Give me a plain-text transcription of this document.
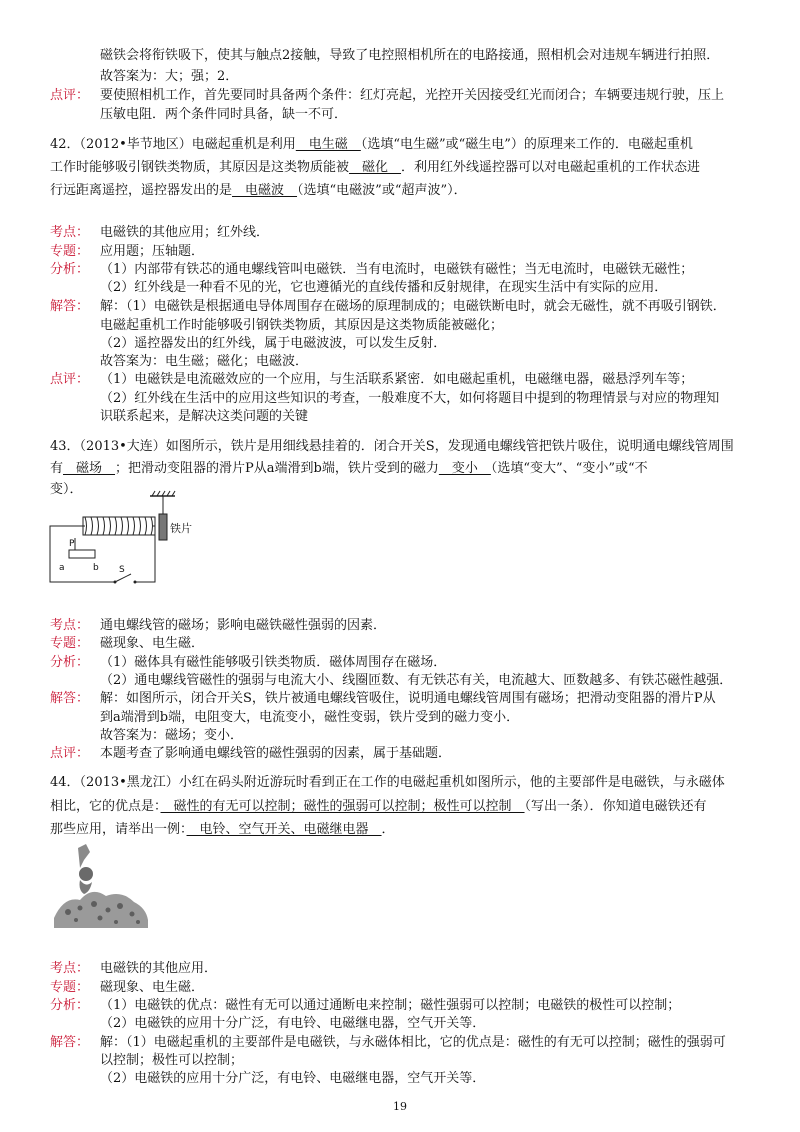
磁铁会将衔铁吸下，使其与触点2接触，导致了电控照相机所在的电路接通，照相机会对违规车辆进行拍照．
故答案为：大；强；2．
点评： 要使照相机工作，首先要同时具备两个条件：红灯亮起，光控开关因接受红光而闭合；车辆要违规行驶，压上
压敏电阻．两个条件同时具备，缺一不可．
42．（2012•毕节地区）电磁起重机是利用　电生磁　（选填“电生磁”或“磁生电”）的原理来工作的．电磁起重机
工作时能够吸引钢铁类物质，其原因是这类物质能被　磁化　．利用红外线遥控器可以对电磁起重机的工作状态进
行远距离遥控，遥控器发出的是　电磁波　（选填“电磁波”或“超声波”）．
考点： 电磁铁的其他应用；红外线．
专题： 应用题；压轴题．
分析： （1）内部带有铁芯的通电螺线管叫电磁铁．当有电流时，电磁铁有磁性；当无电流时，电磁铁无磁性；
（2）红外线是一种看不见的光，它也遵循光的直线传播和反射规律，在现实生活中有实际的应用．
解答： 解：（1）电磁铁是根据通电导体周围存在磁场的原理制成的；电磁铁断电时，就会无磁性，就不再吸引钢铁．
电磁起重机工作时能够吸引钢铁类物质，其原因是这类物质能被磁化；
（2）遥控器发出的红外线，属于电磁波波，可以发生反射．
故答案为：电生磁；磁化；电磁波．
点评： （1）电磁铁是电流磁效应的一个应用，与生活联系紧密．如电磁起重机，电磁继电器，磁悬浮列车等；
（2）红外线在生活中的应用这些知识的考查，一般难度不大，如何将题目中提到的物理情景与对应的物理知
识联系起来，是解决这类问题的关键
43．（2013•大连）如图所示，铁片是用细线悬挂着的．闭合开关S，发现通电螺线管把铁片吸住，说明通电螺线管周围
有　磁场　；把滑动变阻器的滑片P从a端滑到b端，铁片受到的磁力　变小　（选填“变大”、“变小”或“不
变）．
铁片
P
a	b S
考点： 通电螺线管的磁场；影响电磁铁磁性强弱的因素．
专题： 磁现象、电生磁．
分析： （1）磁体具有磁性能够吸引铁类物质．磁体周围存在磁场．
（2）通电螺线管磁性的强弱与电流大小、线圈匝数、有无铁芯有关，电流越大、匝数越多、有铁芯磁性越强．
解答： 解：如图所示，闭合开关S，铁片被通电螺线管吸住，说明通电螺线管周围有磁场；把滑动变阻器的滑片P从
到a端滑到b端，电阻变大，电流变小，磁性变弱，铁片受到的磁力变小．
故答案为：磁场；变小．
点评： 本题考查了影响通电螺线管的磁性强弱的因素，属于基础题．
44．（2013•黑龙江）小红在码头附近游玩时看到正在工作的电磁起重机如图所示，他的主要部件是电磁铁，与永磁体
相比，它的优点是：　磁性的有无可以控制；磁性的强弱可以控制；极性可以控制　（写出一条）．你知道电磁铁还有
那些应用，请举出一例：　电铃、空气开关、电磁继电器　．
考点： 电磁铁的其他应用．
专题： 磁现象、电生磁．
分析： （1）电磁铁的优点：磁性有无可以通过通断电来控制；磁性强弱可以控制；电磁铁的极性可以控制；
（2）电磁铁的应用十分广泛，有电铃、电磁继电器，空气开关等．
解答： 解：（1）电磁起重机的主要部件是电磁铁，与永磁体相比，它的优点是：磁性的有无可以控制；磁性的强弱可
以控制；极性可以控制；
（2）电磁铁的应用十分广泛，有电铃、电磁继电器，空气开关等．
19
